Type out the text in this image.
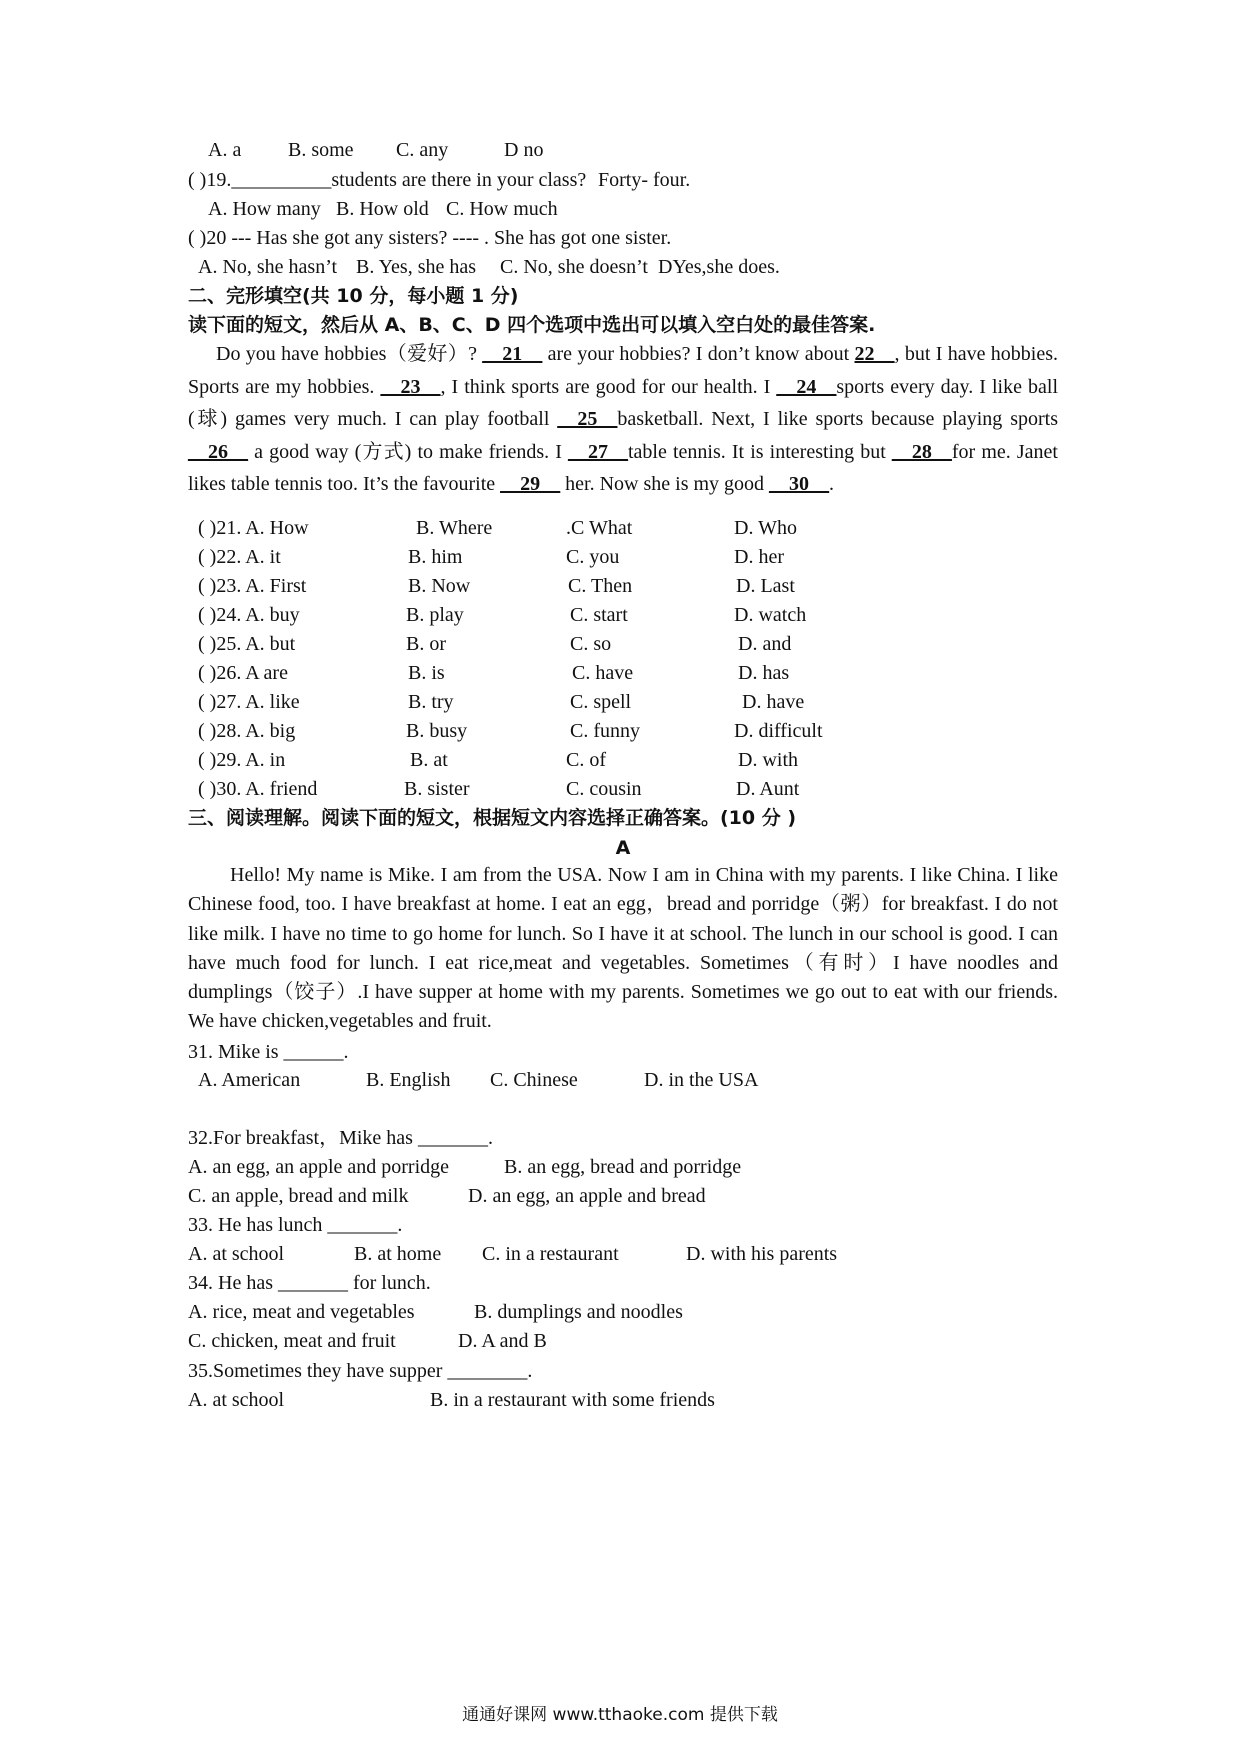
A. a B. some C. any	D no
( )19.__________students are there in your class? Forty- four.
A. How many B. How old C. How much
( )20 --- Has she got any sisters? ---- . She has got one sister.
A. No, she hasn’t B. Yes, she has C. No, she doesn’t DYes,she does.
二、完形填空(共 10 分，每小题 1 分)
读下面的短文，然后从 A、B、C、D 四个选项中选出可以填入空白处的最佳答案.
Do you have hobbies（爱好）? __21__ are your hobbies? I don’t know about 22__, but I have hobbies. Sports are my hobbies. __23__, I think sports are good for our health. I __24__sports every day. I like ball (球) games very much. I can play football __25__basketball. Next, I like sports because playing sports __26__ a good way (方式) to make friends. I __27__table tennis. It is interesting but __28__for me. Janet likes table tennis too. It’s the favourite __29__ her. Now she is my good __30__.
( )21. A. How	B. Where	.C What	D. Who
( )22. A. it	B. him	C. you	D. her
( )23. A. First	B. Now	C. Then	D. Last
( )24. A. buy	B. play	C. start	D. watch
( )25. A. but	B. or	C. so	D. and
( )26. A are	B. is	C. have	D. has
( )27. A. like	B. try	C. spell	D. have
( )28. A. big	B. busy	C. funny	D. difficult
( )29. A. in	B. at	C. of	D. with
( )30. A. friend	B. sister	C. cousin	D. Aunt
三、阅读理解。阅读下面的短文，根据短文内容选择正确答案。(10 分 )
A
Hello! My name is Mike. I am from the USA. Now I am in China with my parents. I like China. I like Chinese food, too. I have breakfast at home. I eat an egg，bread and porridge（粥）for breakfast. I do not like milk. I have no time to go home for lunch. So I have it at school. The lunch in our school is good. I can have much food for lunch. I eat rice,meat and vegetables. Sometimes（有时）I have noodles and dumplings（饺子）.I have supper at home with my parents. Sometimes we go out to eat with our friends. We have chicken,vegetables and fruit.
31. Mike is ______.
A. American	B. English C. Chinese	D. in the USA
32.For breakfast，Mike has _______.
A. an egg, an apple and porridge	B. an egg, bread and porridge
C. an apple, bread and milk	D. an egg, an apple and bread
33. He has lunch _______.
A. at school	B. at home C. in a restaurant	D. with his parents
34. He has _______ for lunch.
A. rice, meat and vegetables	B. dumplings and noodles
C. chicken, meat and fruit	D. A and B
35.Sometimes they have supper ________.
A. at school	B. in a restaurant with some friends
通通好课网 www.tthaoke.com 提供下载
